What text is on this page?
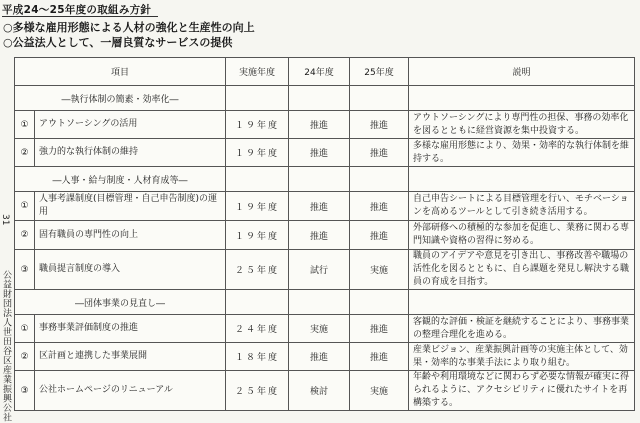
平成24～25年度の取組み方針
○多様な雇用形態による人材の強化と生産性の向上
○公益法人として、一層良質なサービスの提供
31
公益財団法人世田谷区産業振興公社
項目		実施年度	24年度	25年度	説明
―執行体制の簡素・効率化―					
①	アウトソーシングの活用	１９年度	推進	推進	アウトソーシングにより専門性の担保、事務の効率化を図るとともに経営資源を集中投資する。
②	強力的な執行体制の維持	１９年度	推進	推進	多様な雇用形態により、効果・効率的な執行体制を維持する。
―人事・給与制度・人材育成等―					
①	人事考課制度(目標管理・自己申告制度)の運用	１９年度	推進	推進	自己申告シートによる目標管理を行い、モチベーションを高めるツールとして引き続き活用する。
②	固有職員の専門性の向上	１９年度	推進	推進	外部研修への積極的な参加を促進し、業務に関わる専門知識や資格の習得に努める。
③	職員提言制度の導入	２５年度	試行	実施	職員のアイデアや意見を引き出し、事務改善や職場の活性化を図るとともに、自ら課題を発見し解決する職員の育成を目指す。
―団体事業の見直し―					
①	事務事業評価制度の推進	２４年度	実施	推進	客観的な評価・検証を継続することにより、事務事業の整理合理化を進める。
②	区計画と連携した事業展開	１８年度	推進	推進	産業ビジョン、産業振興計画等の実施主体として、効果・効率的な事業手法により取り組む。
③	公社ホームページのリニューアル	２５年度	検討	実施	年齢や利用環境などに関わらず必要な情報が確実に得られるように、アクセシビリティに優れたサイトを再構築する。
